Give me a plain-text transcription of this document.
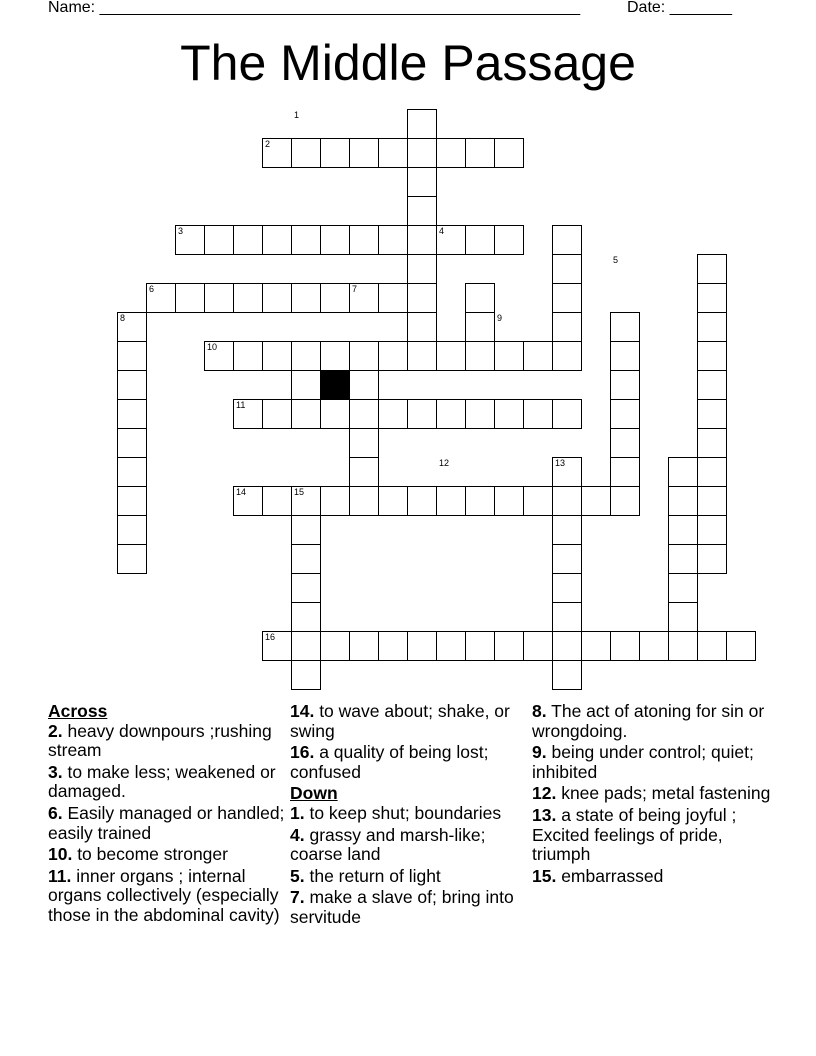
Name: ______________________________________________________	Date: _______
The Middle Passage
1
2
3	4
5
6	7
8	9
10
11
12	13
14	15
16
Across
2. heavy downpours ;rushing stream
3. to make less; weakened or damaged.
6. Easily managed or handled; easily trained
10. to become stronger
11. inner organs ; internal organs collectively (especially those in the abdominal cavity)
14. to wave about; shake, or swing
16. a quality of being lost; confused
Down
1. to keep shut; boundaries
4. grassy and marsh-like; coarse land
5. the return of light
7. make a slave of; bring into servitude
8. The act of atoning for sin or wrongdoing.
9. being under control; quiet; inhibited
12. knee pads; metal fastening
13. a state of being joyful ; Excited feelings of pride, triumph
15. embarrassed
